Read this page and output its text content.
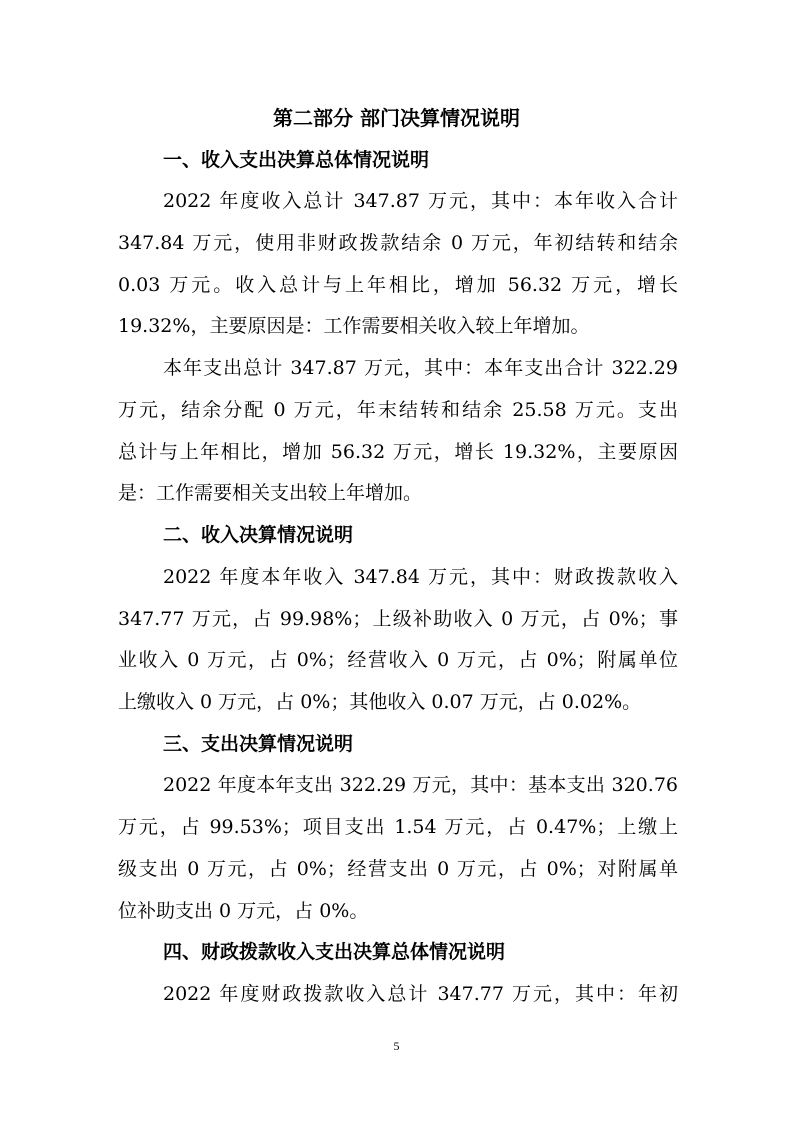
第二部分 部门决算情况说明
一、收入支出决算总体情况说明
2022 年度收入总计 347.87 万元，其中：本年收入合计
347.84 万元，使用非财政拨款结余 0 万元，年初结转和结余
0.03 万元。收入总计与上年相比，增加 56.32 万元，增长
19.32%，主要原因是：工作需要相关收入较上年增加。
本年支出总计 347.87 万元，其中：本年支出合计 322.29
万元，结余分配 0 万元，年末结转和结余 25.58 万元。支出
总计与上年相比，增加 56.32 万元，增长 19.32%，主要原因
是：工作需要相关支出较上年增加。
二、收入决算情况说明
2022 年度本年收入 347.84 万元，其中：财政拨款收入
347.77 万元，占 99.98%；上级补助收入 0 万元，占 0%；事
业收入 0 万元，占 0%；经营收入 0 万元，占 0%；附属单位
上缴收入 0 万元，占 0%；其他收入 0.07 万元，占 0.02%。
三、支出决算情况说明
2022 年度本年支出 322.29 万元，其中：基本支出 320.76
万元，占 99.53%；项目支出 1.54 万元，占 0.47%；上缴上
级支出 0 万元，占 0%；经营支出 0 万元，占 0%；对附属单
位补助支出 0 万元，占 0%。
四、财政拨款收入支出决算总体情况说明
2022 年度财政拨款收入总计 347.77 万元，其中：年初
5
